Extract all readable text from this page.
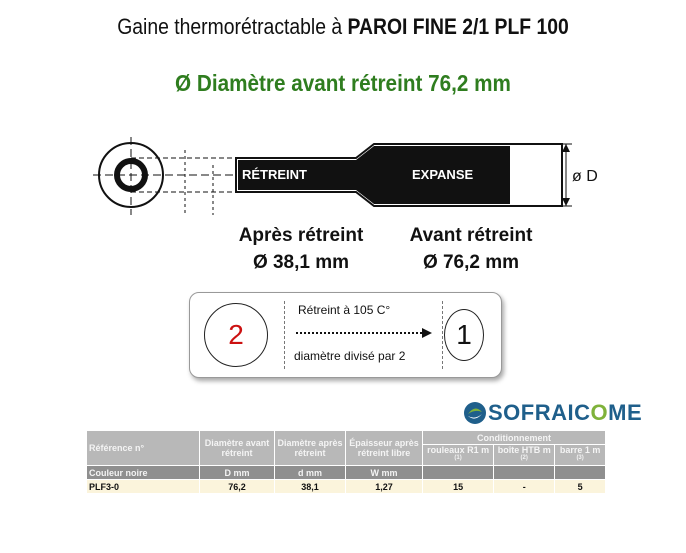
Gaine thermorétractable à PAROI FINE 2/1 PLF 100
Ø Diamètre avant rétreint 76,2 mm
RÉTREINT	EXPANSE	ø D
Après rétreint
Ø 38,1 mm
Avant rétreint
Ø 76,2 mm
2
Rétreint à 105 C°
diamètre divisé par 2
1
SOFRAICOME
Référence n°	Diamètre avant rétreint	Diamètre après rétreint	Épaisseur après rétreint libre	Conditionnement		
				rouleaux R1 m $^{(1)}$	boîte HTB m $^{(2)}$	barre 1 m $^{(3)}$
Couleur noire	D mm	d mm	W mm			
PLF3-0	76,2	38,1	1,27	15	-	5
